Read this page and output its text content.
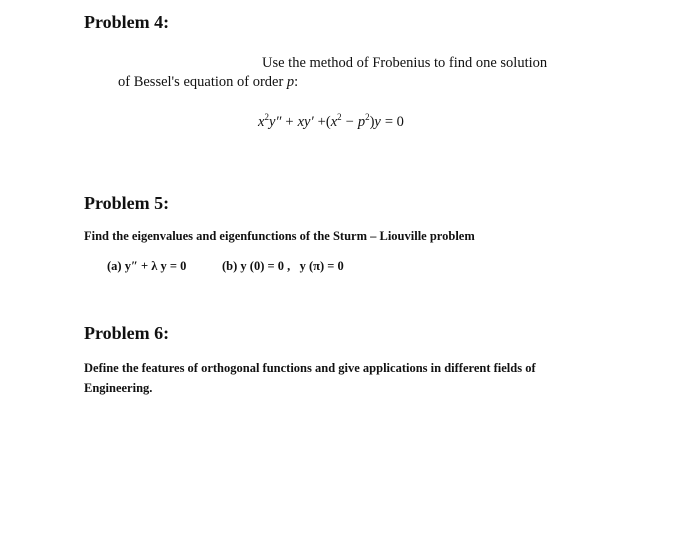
Problem 4:
Use the method of Frobenius to find one solution
of Bessel's equation of order p:
$x^2y'' + xy' +(x^2 - p^2)y = 0$
Problem 5:
Find the eigenvalues and eigenfunctions of the Sturm – Liouville problem
(a) y″ + λ y = 0	(b) y (0) = 0 ,   y (π) = 0
Problem 6:
Define the features of orthogonal functions and give applications in different fields of Engineering.
